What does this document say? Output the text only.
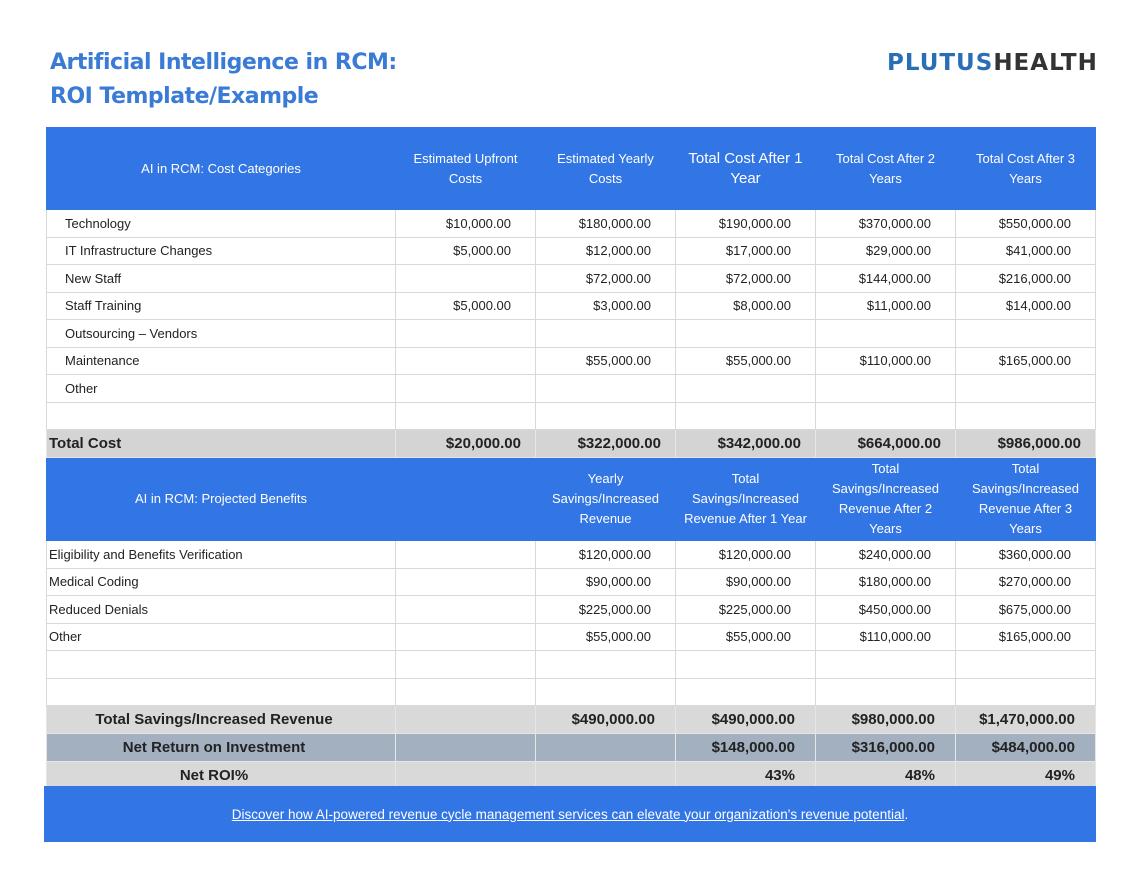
Artificial Intelligence in RCM:
ROI Template/Example
PLUTUSHEALTH
AI in RCM: Cost Categories	Estimated Upfront Costs	Estimated Yearly Costs	Total Cost After 1 Year	Total Cost After 2 Years	Total Cost After 3 Years
Technology	$10,000.00	$180,000.00	$190,000.00	$370,000.00	$550,000.00
IT Infrastructure Changes	$5,000.00	$12,000.00	$17,000.00	$29,000.00	$41,000.00
New Staff		$72,000.00	$72,000.00	$144,000.00	$216,000.00
Staff Training	$5,000.00	$3,000.00	$8,000.00	$11,000.00	$14,000.00
Outsourcing – Vendors					
Maintenance		$55,000.00	$55,000.00	$110,000.00	$165,000.00
Other					

Total Cost	$20,000.00	$322,000.00	$342,000.00	$664,000.00	$986,000.00
AI in RCM: Projected Benefits		Yearly Savings/Increased Revenue	Total Savings/Increased Revenue After 1 Year	Total Savings/Increased Revenue After 2 Years	Total Savings/Increased Revenue After 3 Years
Eligibility and Benefits Verification		$120,000.00	$120,000.00	$240,000.00	$360,000.00
Medical Coding		$90,000.00	$90,000.00	$180,000.00	$270,000.00
Reduced Denials		$225,000.00	$225,000.00	$450,000.00	$675,000.00
Other		$55,000.00	$55,000.00	$110,000.00	$165,000.00

Total Savings/Increased Revenue		$490,000.00	$490,000.00	$980,000.00	$1,470,000.00
Net Return on Investment			$148,000.00	$316,000.00	$484,000.00
Net ROI%			43%	48%	49%
Discover how AI-powered revenue cycle management services can elevate your organization's revenue potential.
